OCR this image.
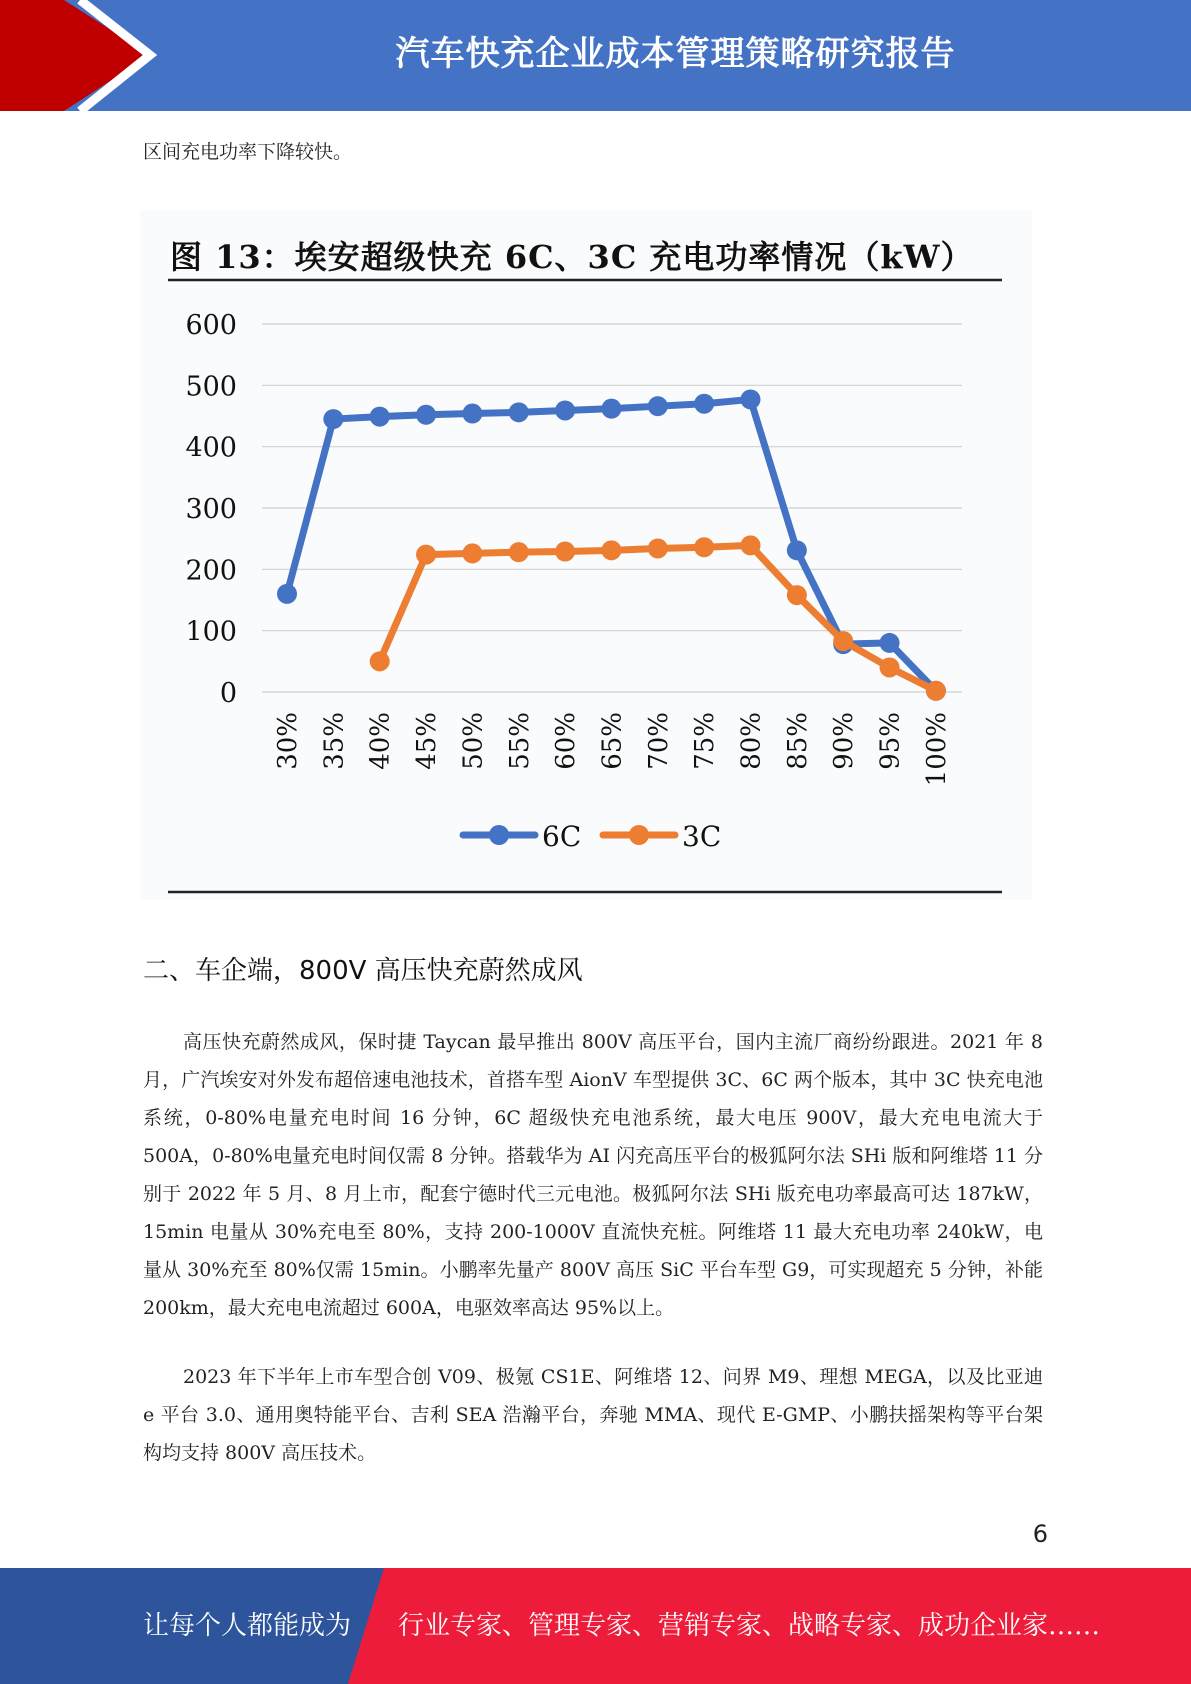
汽车快充企业成本管理策略研究报告
区间充电功率下降较快。
图 13：埃安超级快充 6C、3C 充电功率情况（kW）
0
100
200
300
400
500
600
30% 35% 40% 45% 50% 55% 60% 65% 70% 75% 80% 85% 90% 95% 100%
6C	3C
二、车企端，800V 高压快充蔚然成风

高压快充蔚然成风，保时捷 Taycan 最早推出 800V 高压平台，国内主流厂商纷纷跟进。2021 年 8 月，广汽埃安对外发布超倍速电池技术，首搭车型 AionV 车型提供 3C、6C 两个版本，其中 3C 快充电池系统，0-80%电量充电时间 16 分钟，6C 超级快充电池系统，最大电压 900V，最大充电电流大于 500A，0-80%电量充电时间仅需 8 分钟。搭载华为 AI 闪充高压平台的极狐阿尔法 SHi 版和阿维塔 11 分别于 2022 年 5 月、8 月上市，配套宁德时代三元电池。极狐阿尔法 SHi 版充电功率最高可达 187kW，15min 电量从 30%充电至 80%，支持 200-1000V 直流快充桩。阿维塔 11 最大充电功率 240kW，电量从 30%充至 80%仅需 15min。小鹏率先量产 800V 高压 SiC 平台车型 G9，可实现超充 5 分钟，补能 200km，最大充电电流超过 600A，电驱效率高达 95%以上。

2023 年下半年上市车型合创 V09、极氪 CS1E、阿维塔 12、问界 M9、理想 MEGA，以及比亚迪 e 平台 3.0、通用奥特能平台、吉利 SEA 浩瀚平台，奔驰 MMA、现代 E-GMP、小鹏扶摇架构等平台架构均支持 800V 高压技术。

6
让每个人都能成为 行业专家、管理专家、营销专家、战略专家、成功企业家……
